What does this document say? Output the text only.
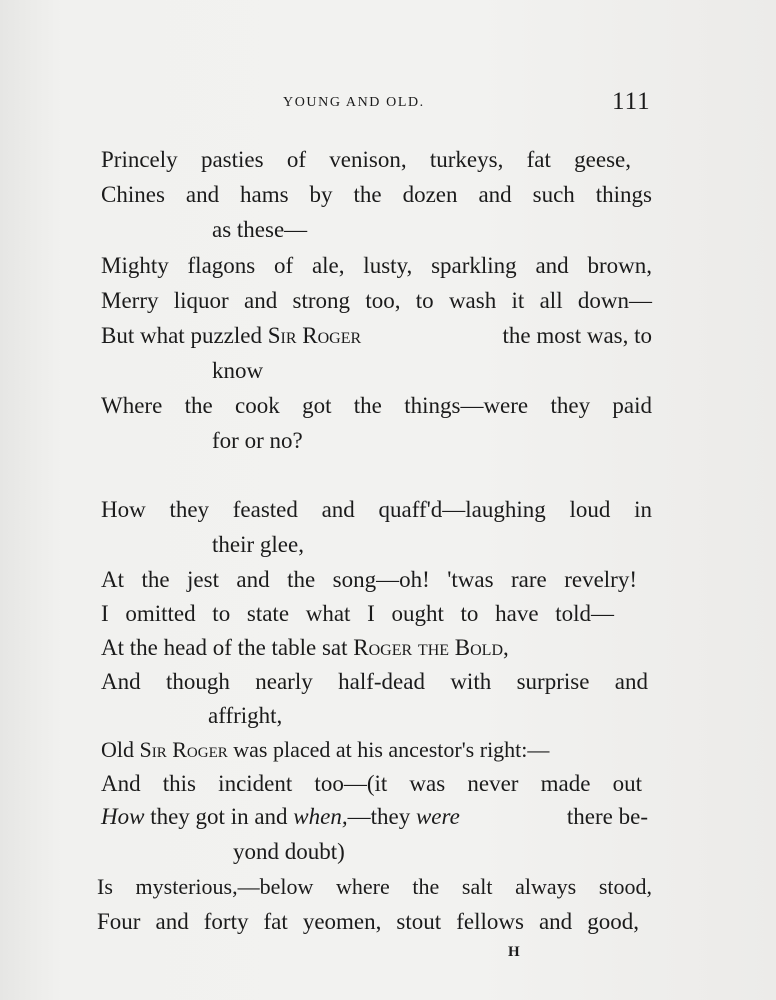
YOUNG AND OLD.	111
Princely pasties of venison, turkeys, fat geese,
Chines and hams by the dozen and such things
as these—
Mighty flagons of ale, lusty, sparkling and brown,
Merry liquor and strong too, to wash it all down—
But what puzzled Sir Roger	the most was, to
know
Where the cook got the things—were they paid
for or no?
How they feasted and quaff'd—laughing loud in
their glee,
At the jest and the song—oh! 'twas rare revelry!
I omitted to state what I ought to have told—
At the head of the table sat Roger the Bold,
And though nearly half-dead with surprise and
affright,
Old Sir Roger was placed at his ancestor's right:—
And this incident too—(it was never made out
How they got in and when,—they were	there be-
yond doubt)
Is mysterious,—below where the salt always stood,
Four and forty fat yeomen, stout fellows and good,
H
